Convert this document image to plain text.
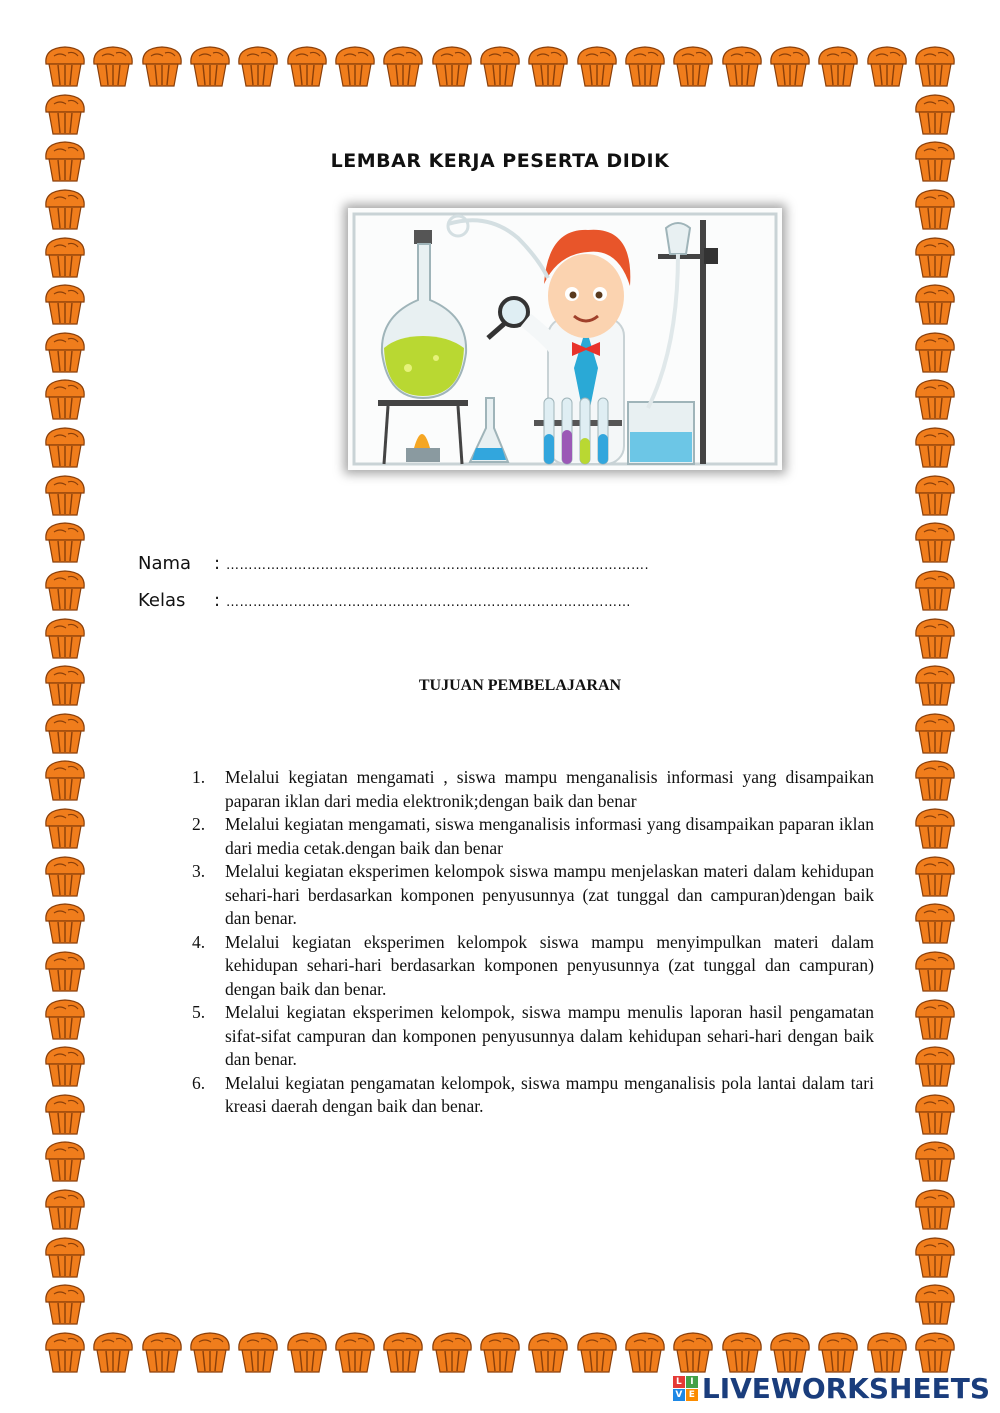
LEMBAR KERJA PESERTA DIDIK
Nama : ………………………………………………………………………………….
Kelas : ………………………………………………………………………………
TUJUAN PEMBELAJARAN
1.	Melalui kegiatan mengamati , siswa mampu menganalisis informasi yang disampaikan paparan iklan dari media elektronik;dengan baik dan benar
2.	Melalui kegiatan mengamati, siswa menganalisis informasi yang disampaikan paparan iklan dari media cetak.dengan baik dan benar
3.	Melalui kegiatan eksperimen kelompok siswa mampu menjelaskan materi dalam kehidupan sehari-hari berdasarkan komponen penyusunnya (zat tunggal dan campuran)dengan baik dan benar.
4.	Melalui kegiatan eksperimen kelompok siswa mampu menyimpulkan materi dalam kehidupan sehari-hari berdasarkan komponen penyusunnya (zat tunggal dan campuran) dengan baik dan benar.
5.	Melalui kegiatan eksperimen kelompok, siswa mampu menulis laporan hasil pengamatan sifat-sifat campuran dan komponen penyusunnya dalam kehidupan sehari-hari dengan baik dan benar.
6.	Melalui kegiatan pengamatan kelompok, siswa mampu menganalisis pola lantai dalam tari kreasi daerah dengan baik dan benar.
L I
V E LIVEWORKSHEETS
